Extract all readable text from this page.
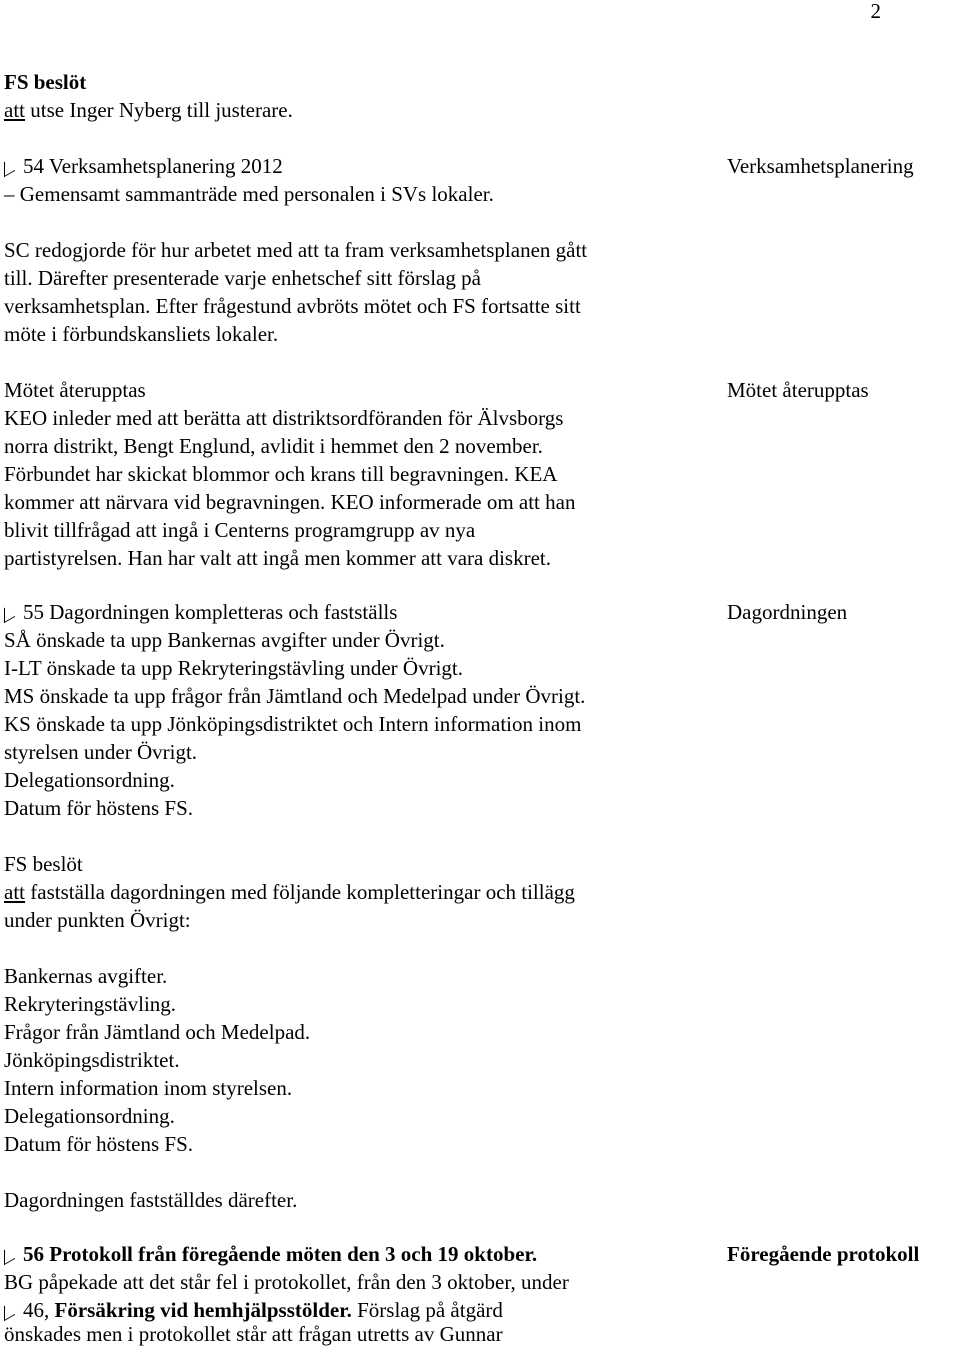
2
FS beslöt
att utse Inger Nyberg till justerare.
54 Verksamhetsplanering 2012
– Gemensamt sammanträde med personalen i SVs lokaler.
Verksamhetsplanering
SC redogjorde för hur arbetet med att ta fram verksamhetsplanen gått
till. Därefter presenterade varje enhetschef sitt förslag på
verksamhetsplan. Efter frågestund avbröts mötet och FS fortsatte sitt
möte i förbundskansliets lokaler.
Mötet återupptas	Mötet återupptas
KEO inleder med att berätta att distriktsordföranden för Älvsborgs
norra distrikt, Bengt Englund, avlidit i hemmet den 2 november.
Förbundet har skickat blommor och krans till begravningen. KEA
kommer att närvara vid begravningen. KEO informerade om att han
blivit tillfrågad att ingå i Centerns programgrupp av nya
partistyrelsen. Han har valt att ingå men kommer att vara diskret.
55 Dagordningen kompletteras och fastställs	Dagordningen
SÅ önskade ta upp Bankernas avgifter under Övrigt.
I-LT önskade ta upp Rekryteringstävling under Övrigt.
MS önskade ta upp frågor från Jämtland och Medelpad under Övrigt.
KS önskade ta upp Jönköpingsdistriktet och Intern information inom
styrelsen under Övrigt.
Delegationsordning.
Datum för höstens FS.
FS beslöt
att fastställa dagordningen med följande kompletteringar och tillägg
under punkten Övrigt:
Bankernas avgifter.
Rekryteringstävling.
Frågor från Jämtland och Medelpad.
Jönköpingsdistriktet.
Intern information inom styrelsen.
Delegationsordning.
Datum för höstens FS.
Dagordningen fastställdes därefter.
56 Protokoll från föregående möten den 3 och 19 oktober.	Föregående protokoll
BG påpekade att det står fel i protokollet, från den 3 oktober, under
46, Försäkring vid hemhjälpsstölder. Förslag på åtgärd
önskades men i protokollet står att frågan utretts av Gunnar
